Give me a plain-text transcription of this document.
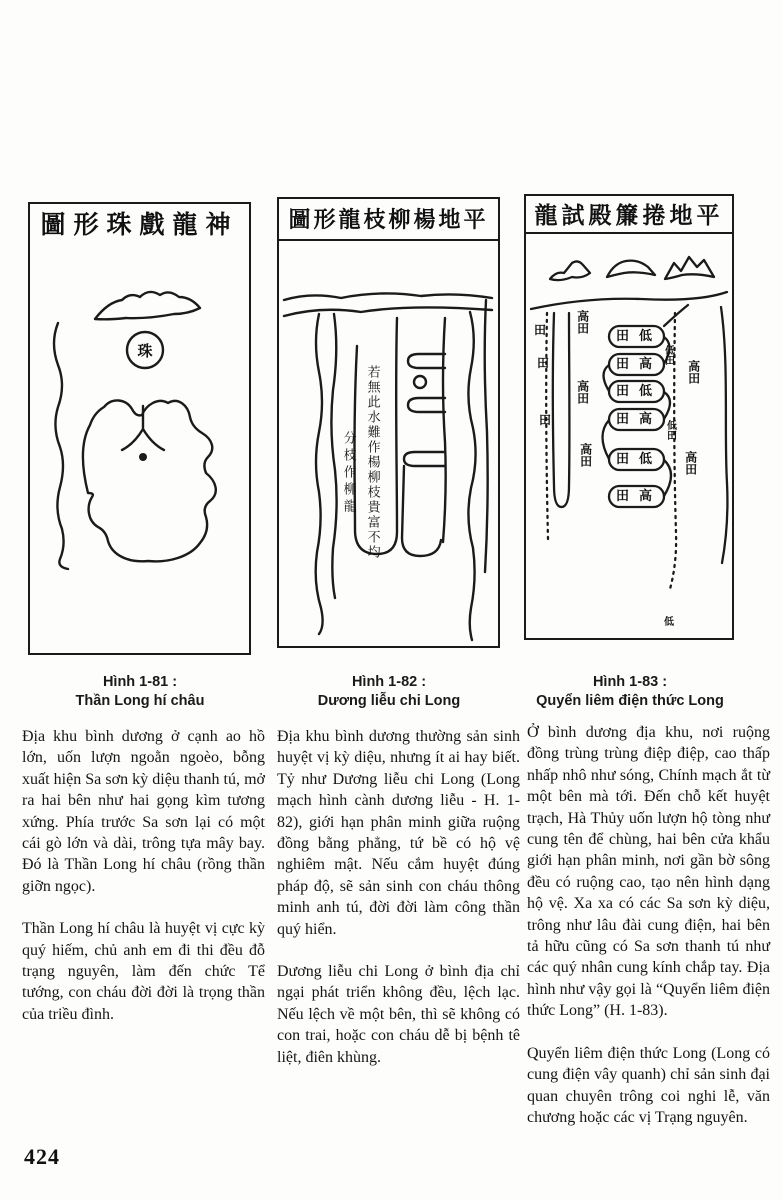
圖形珠戲龍神
珠
圖形龍枝柳楊地平
若無此水難作楊柳枝貴富不均
分枝作柳龍
龍試殿簾捲地平
田
田
田
高田
高田
高田
田 低
田 高
田 低
田 高
田 低
田 高
低田
低田
低
高田
高田
Hình 1-81 :
Thần Long hí châu
Hình 1-82 :
Dương liễu chi Long
Hình 1-83 :
Quyển liêm điện thức Long

Địa khu bình dương ở cạnh ao hồ lớn, uốn lượn ngoằn ngoèo, bỗng xuất hiện Sa sơn kỳ diệu thanh tú, mở ra hai bên như hai gọng kìm tương xứng. Phía trước Sa sơn lại có một cái gò lớn và dài, trông tựa mây bay. Đó là Thần Long hí châu (rồng thần giỡn ngọc).

Thần Long hí châu là huyệt vị cực kỳ quý hiếm, chủ anh em đi thi đều đỗ trạng nguyên, làm đến chức Tể tướng, con cháu đời đời là trọng thần của triều đình.

Địa khu bình dương thường sản sinh huyệt vị kỳ diệu, nhưng ít ai hay biết. Tỷ như Dương liễu chi Long (Long mạch hình cành dương liễu - H. 1-82), giới hạn phân minh giữa ruộng đồng bằng phẳng, tứ bề có hộ vệ nghiêm mật. Nếu cắm huyệt đúng pháp độ, sẽ sản sinh con cháu thông minh anh tú, đời đời làm công thần quý hiển.

Dương liễu chi Long ở bình địa chỉ ngại phát triển không đều, lệch lạc. Nếu lệch về một bên, thì sẽ không có con trai, hoặc con cháu dễ bị bệnh tê liệt, điên khùng.

Ở bình dương địa khu, nơi ruộng đồng trùng trùng điệp điệp, cao thấp nhấp nhô như sóng, Chính mạch ắt từ một bên mà tới. Đến chỗ kết huyệt trạch, Hà Thủy uốn lượn hộ tòng như cung tên để chùng, hai bên cửa khẩu giới hạn phân minh, nơi gần bờ sông đều có ruộng cao, tạo nên hình dạng hộ vệ. Xa xa có các Sa sơn kỳ diệu, trông như lâu đài cung điện, hai bên tả hữu cũng có Sa sơn thanh tú như các quý nhân cung kính chắp tay. Địa hình như vậy gọi là “Quyển liêm điện thức Long” (H. 1-83).

Quyển liêm điện thức Long (Long có cung điện vây quanh) chỉ sản sinh đại quan chuyên trông coi nghi lễ, văn chương hoặc các vị Trạng nguyên.

424
